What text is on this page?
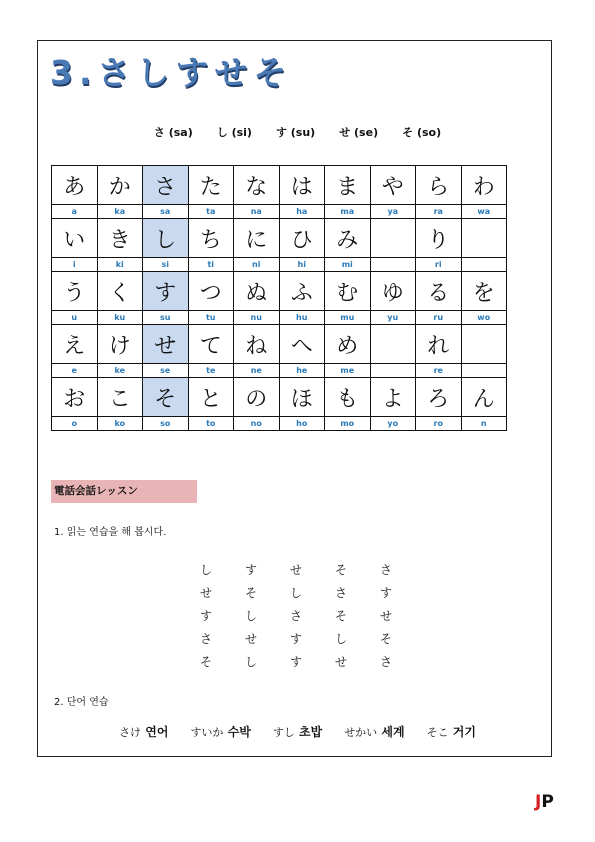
3.さしすせそ
さ (sa) し (si) す (su) せ (se) そ (so)
あ	か	さ	た	な	は	ま	や	ら	わ
a	ka	sa	ta	na	ha	ma	ya	ra	wa
い	き	し	ち	に	ひ	み		り	
i	ki	si	ti	ni	hi	mi		ri	
う	く	す	つ	ぬ	ふ	む	ゆ	る	を
u	ku	su	tu	nu	hu	mu	yu	ru	wo
え	け	せ	て	ね	へ	め		れ	
e	ke	se	te	ne	he	me		re	
お	こ	そ	と	の	ほ	も	よ	ろ	ん
o	ko	so	to	no	ho	mo	yo	ro	n
電話会話レッスン
1. 읽는 연습을 해 봅시다.
し	す	せ	そ	さ
せ	そ	し	さ	す
す	し	さ	そ	せ
さ	せ	す	し	そ
そ	し	す	せ	さ
2. 단어 연습
さけ 연어 すいか 수박 すし 초밥 せかい 세계 そこ 거기
JP
